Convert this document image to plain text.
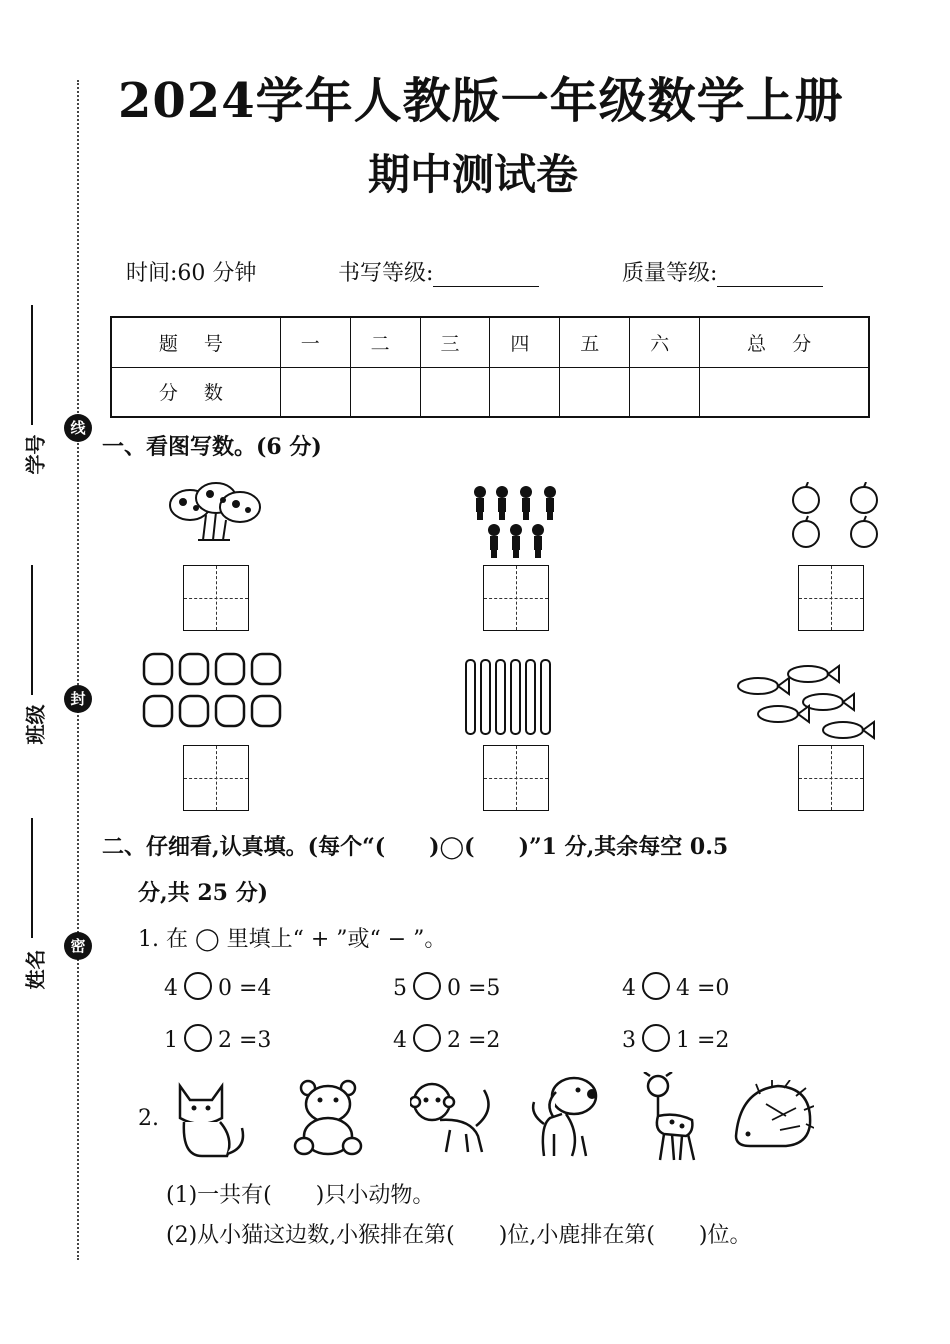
学号
班级
姓名
线
封
密
2024学年人教版一年级数学上册
期中测试卷
时间:60 分钟	书写等级:	质量等级:
题 号	一	二	三	四	五	六	总 分
分 数							
一、看图写数。(6 分)
二、仔细看,认真填。(每个“(　　)◯(　　)”1 分,其余每空 0.5
分,共 25 分)
1. 在 ◯ 里填上“ + ”或“ − ”。
4 0 =4	5 0 =5	4 4 =0
1 2 =3	4 2 =2	3 1 =2
2.
(1)一共有(　　)只小动物。
(2)从小猫这边数,小猴排在第(　　)位,小鹿排在第(　　)位。
